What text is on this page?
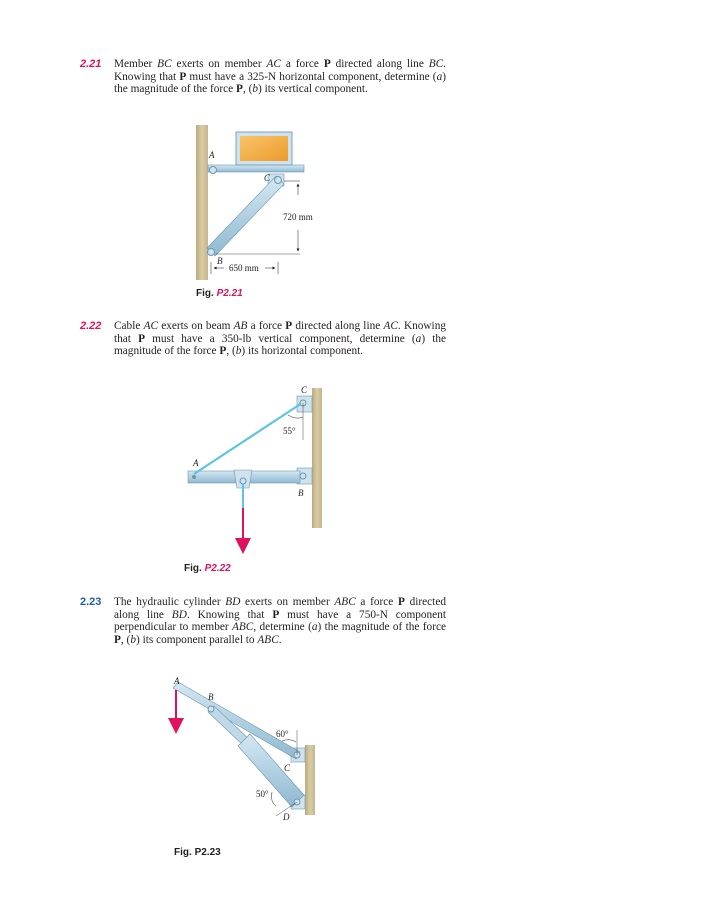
2.21 Member BC exerts on member AC a force P directed along line BC. Knowing that P must have a 325-N horizontal component, determine (a) the magnitude of the force P, (b) its vertical component.

2.22 Cable AC exerts on beam AB a force P directed along line AC. Knowing that P must have a 350-lb vertical component, determine (a) the magnitude of the force P, (b) its horizontal component.

2.23 The hydraulic cylinder BD exerts on member ABC a force P directed along line BD. Knowing that P must have a 750-N component perpendicular to member ABC, determine (a) the magnitude of the force P, (b) its component parallel to ABC.

A
C
B
720 mm
650 mm
55°
C
A
B
60°
50°
A
B
C
D
Fig. P2.21
Fig. P2.22
Fig. P2.23
